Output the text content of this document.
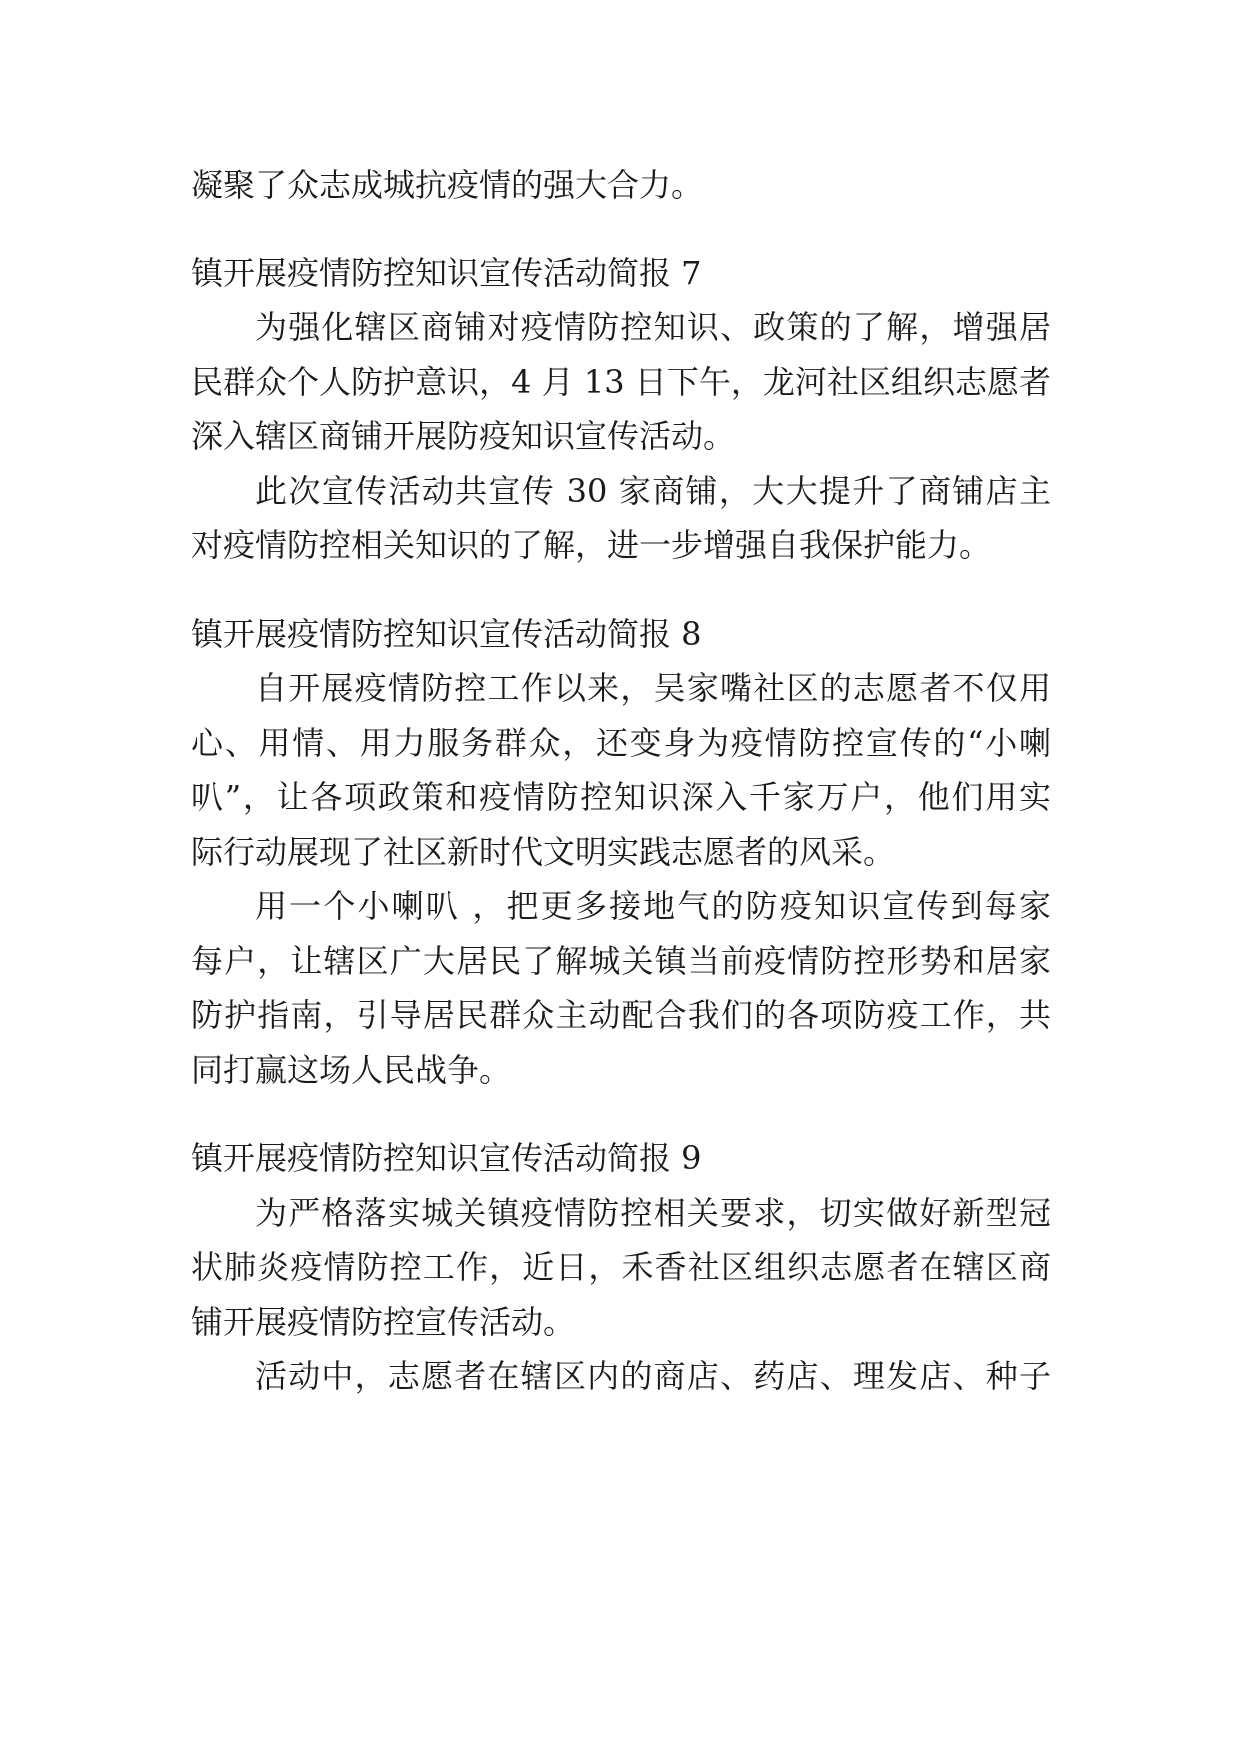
凝聚了众志成城抗疫情的强大合力。
镇开展疫情防控知识宣传活动简报 7
为强化辖区商铺对疫情防控知识、政策的了解，增强居
民群众个人防护意识，4 月 13 日下午，龙河社区组织志愿者
深入辖区商铺开展防疫知识宣传活动。
此次宣传活动共宣传 30 家商铺，大大提升了商铺店主
对疫情防控相关知识的了解，进一步增强自我保护能力。
镇开展疫情防控知识宣传活动简报 8
自开展疫情防控工作以来，吴家嘴社区的志愿者不仅用
心、用情、用力服务群众，还变身为疫情防控宣传的“小喇
叭”，让各项政策和疫情防控知识深入千家万户，他们用实
际行动展现了社区新时代文明实践志愿者的风采。
用一个小喇叭 ，把更多接地气的防疫知识宣传到每家
每户，让辖区广大居民了解城关镇当前疫情防控形势和居家
防护指南，引导居民群众主动配合我们的各项防疫工作，共
同打赢这场人民战争。
镇开展疫情防控知识宣传活动简报 9
为严格落实城关镇疫情防控相关要求，切实做好新型冠
状肺炎疫情防控工作，近日，禾香社区组织志愿者在辖区商
铺开展疫情防控宣传活动。
活动中，志愿者在辖区内的商店、药店、理发店、种子
